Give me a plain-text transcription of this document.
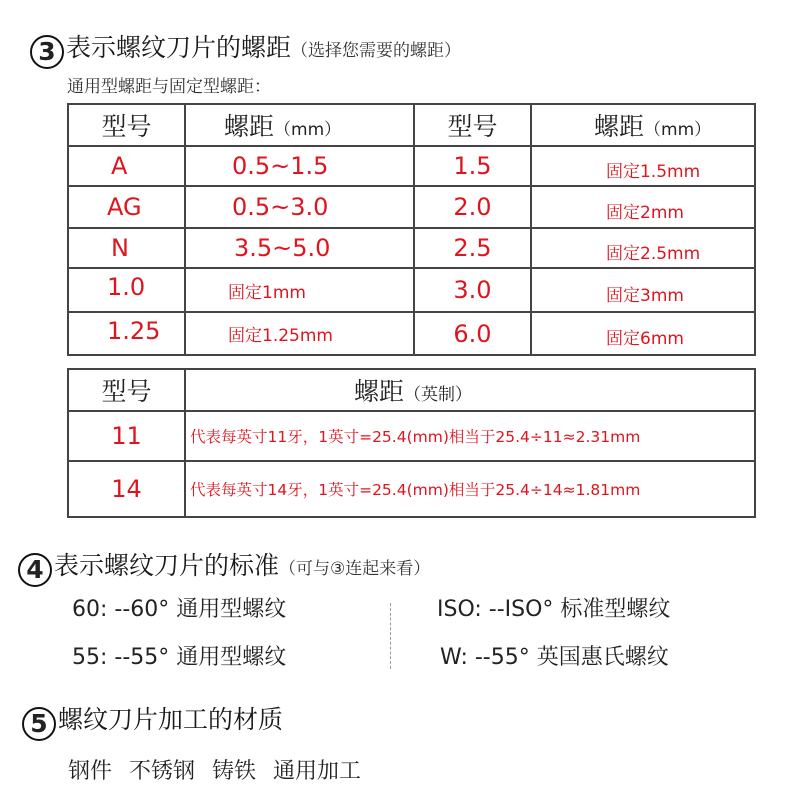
3 表示螺纹刀片的螺距（选择您需要的螺距）
通用型螺距与固定型螺距：
型号	螺距（mm）	型号	螺距（mm）
A	0.5~1.5	1.5	固定1.5mm
AG	0.5~3.0	2.0	固定2mm
N	3.5~5.0	2.5	固定2.5mm
1.0	固定1mm	3.0	固定3mm
1.25	固定1.25mm	6.0	固定6mm
型号	螺距（英制）
11	代表每英寸11牙，1英寸=25.4(mm)相当于25.4÷11≈2.31mm
14	代表每英寸14牙，1英寸=25.4(mm)相当于25.4÷14≈1.81mm
4 表示螺纹刀片的标准（可与③连起来看）
60: --60° 通用型螺纹	ISO: --ISO° 标准型螺纹
55: --55° 通用型螺纹	W: --55° 英国惠氏螺纹
5 螺纹刀片加工的材质
钢件 不锈钢 铸铁 通用加工
